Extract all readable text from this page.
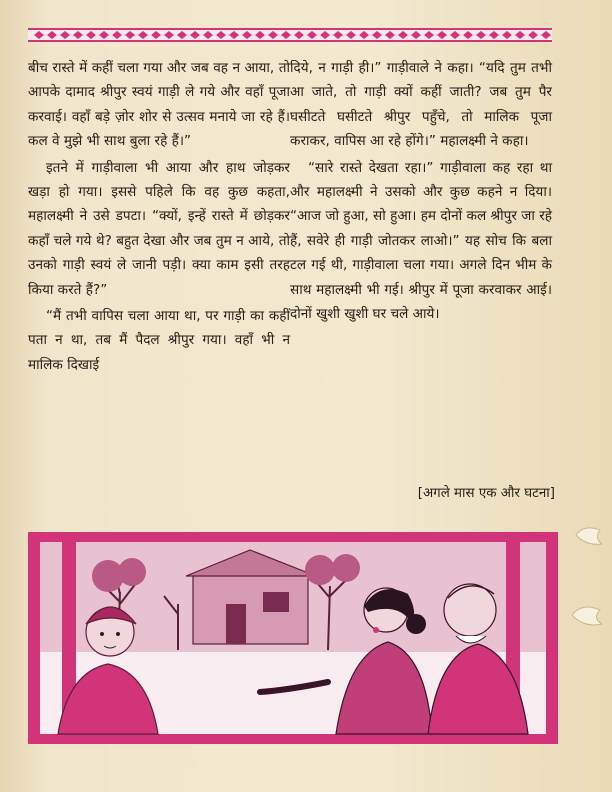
बीच रास्ते में कहीं चला गया और जब वह न आया, तो आपके दामाद श्रीपुर स्वयं गाड़ी ले गये और वहाँ पूजा करवाई। वहाँ बड़े ज़ोर शोर से उत्सव मनाये जा रहे हैं। कल वे मुझे भी साथ बुला रहे हैं।”

इतने में गाड़ीवाला भी आया और हाथ जोड़कर खड़ा हो गया। इससे पहिले कि वह कुछ कहता, महालक्ष्मी ने उसे डपटा। “क्यों, इन्हें रास्ते में छोड़कर कहाँ चले गये थे? बहुत देखा और जब तुम न आये, तो उनको गाड़ी स्वयं ले जानी पड़ी। क्या काम इसी तरह किया करते हैं?”

“मैं तभी वापिस चला आया था, पर गाड़ी का कहीं पता न था, तब मैं पैदल श्रीपुर गया। वहाँ भी न मालिक दिखाई

दिये, न गाड़ी ही।” गाड़ीवाले ने कहा। “यदि तुम तभी आ जाते, तो गाड़ी क्यों कहीं जाती? जब तुम पैर घसीटते घसीटते श्रीपुर पहुँचे, तो मालिक पूजा कराकर, वापिस आ रहे होंगे।” महालक्ष्मी ने कहा।

“सारे रास्ते देखता रहा।” गाड़ीवाला कह रहा था और महालक्ष्मी ने उसको और कुछ कहने न दिया। “आज जो हुआ, सो हुआ। हम दोनों कल श्रीपुर जा रहे हैं, सवेरे ही गाड़ी जोतकर लाओ।” यह सोच कि बला टल गई थी, गाड़ीवाला चला गया। अगले दिन भीम के साथ महालक्ष्मी भी गई। श्रीपुर में पूजा करवाकर आई। दोनों खुशी खुशी घर चले आये।

[अगले मास एक और घटना]
